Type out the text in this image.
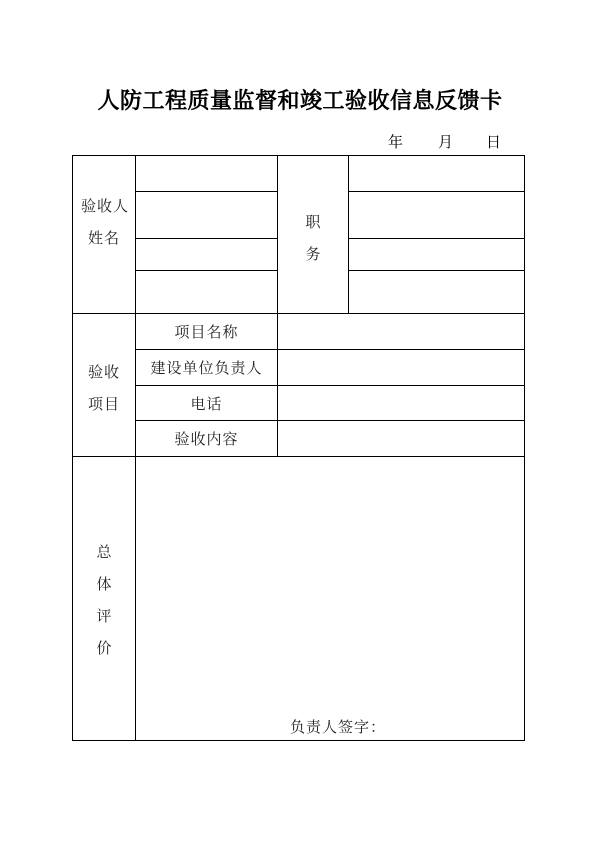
人防工程质量监督和竣工验收信息反馈卡
年 月 日
验收人
姓名
职
务
验收
项目
项目名称
建设单位负责人
电话
验收内容
总
体
评
价
负责人签字：
